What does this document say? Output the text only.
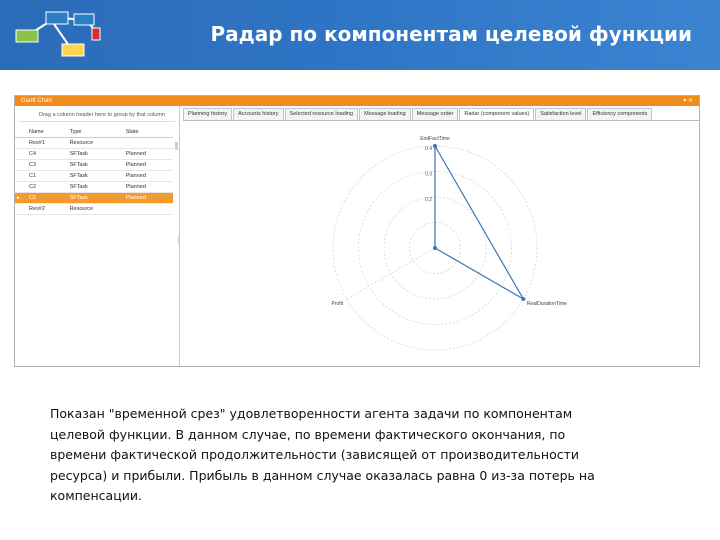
Радар по компонентам целевой функции
Gantt Chart	▾ ✕
Drag a column header here to group by that column
	Name	Type	State
	Res#1	Resource	
	C4	SFTask	Planned
	C3	SFTask	Planned
	C1	SFTask	Planned
	C2	SFTask	Planned
▸	C5	SFTask	Planned
	Res#2	Resource	
Planning history	Accounts history	Selected resource loading	Message loading	Message order	Radar (component values)	Satisfaction level	Efficiency components
0.2
0.3
0.4
EndFactTime
RealDurationTime
Profit
Показан "временной срез" удовлетворенности агента задачи по компонентам целевой функции. В данном случае, по времени фактического окончания, по времени фактической продолжительности (зависящей от производительности ресурса) и прибыли. Прибыль в данном случае оказалась равна 0 из-за потерь на компенсации.
